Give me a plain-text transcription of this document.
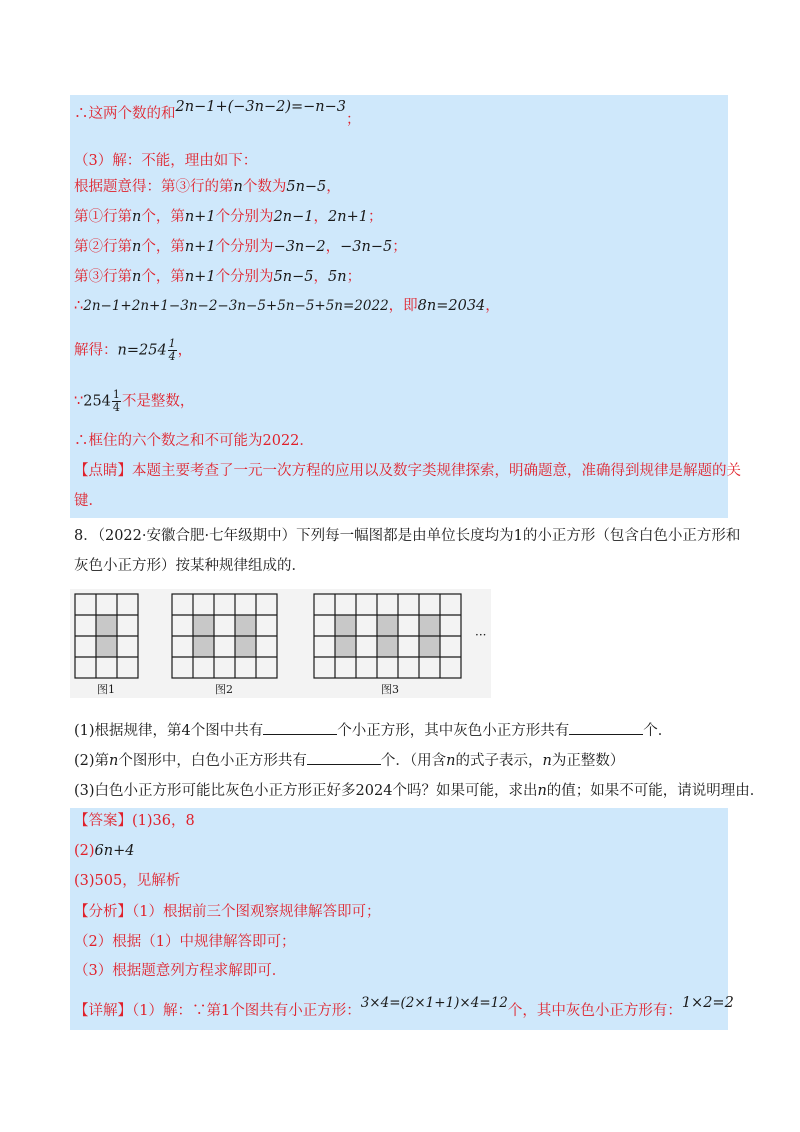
∴这两个数的和2n−1+(−3n−2)=−n−3；
（3）解：不能，理由如下：
根据题意得：第③行的第n个数为5n−5，
第①行第n个，第n+1个分别为2n−1，2n+1；
第②行第n个，第n+1个分别为−3n−2，−3n−5；
第③行第n个，第n+1个分别为5n−5，5n；
∴2n−1+2n+1−3n−2−3n−5+5n−5+5n=2022，即8n=2034，
解得：$n=254 \frac{1}{4}$ ，
∵254 $\frac{1}{4}$ 不是整数，
∴框住的六个数之和不可能为2022．
【点睛】本题主要考查了一元一次方程的应用以及数字类规律探索，明确题意，准确得到规律是解题的关
键．
8．（2022·安徽合肥·七年级期中）下列每一幅图都是由单位长度均为1的小正方形（包含白色小正方形和
灰色小正方形）按某种规律组成的．
···
图1	图2	图3
(1)根据规律，第4个图中共有	个小正方形，其中灰色小正方形共有	个．
(2)第n个图形中，白色小正方形共有	个．（用含n的式子表示，n为正整数）
(3)白色小正方形可能比灰色小正方形正好多2024个吗？如果可能，求出n的值；如果不可能，请说明理由．
【答案】(1)36，8
(2)6n+4
(3)505，见解析
【分析】（1）根据前三个图观察规律解答即可；
（2）根据（1）中规律解答即可；
（3）根据题意列方程求解即可．
【详解】（1）解：∵第1个图共有小正方形：3×4=(2×1+1)×4=12个，其中灰色小正方形有：1×2=2
